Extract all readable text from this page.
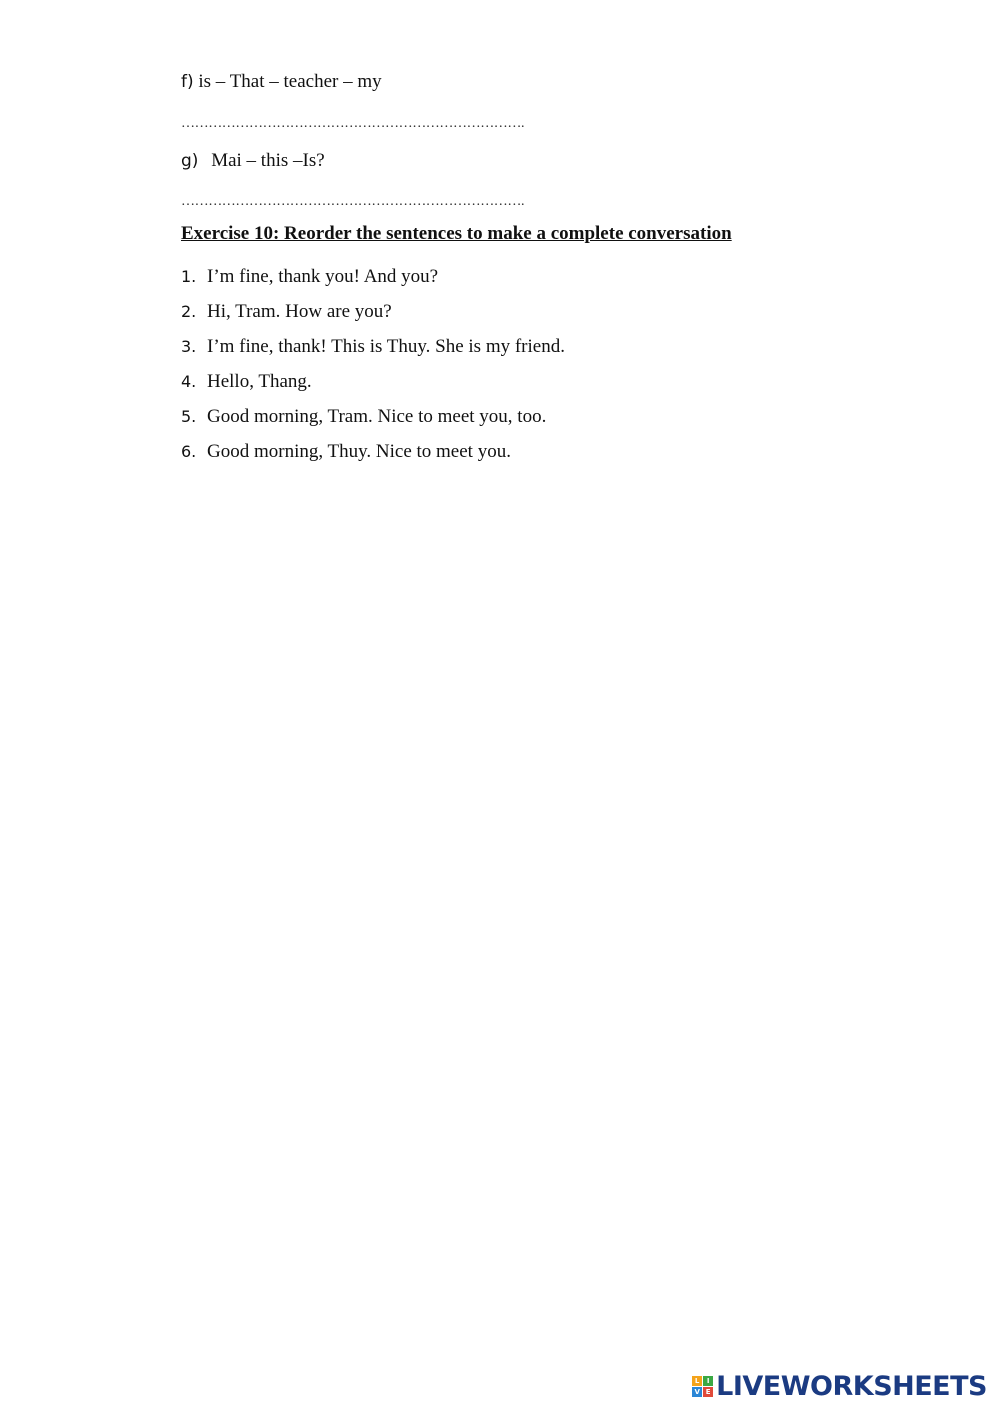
f) is – That – teacher – my
………………………………………………………………….
g) Mai – this –Is?
………………………………………………………………….
Exercise 10: Reorder the sentences to make a complete conversation
1. I’m fine, thank you! And you?
2. Hi, Tram. How are you?
3. I’m fine, thank! This is Thuy. She is my friend.
4. Hello, Thang.
5. Good morning, Tram. Nice to meet you, too.
6. Good morning, Thuy. Nice to meet you.
L	I
V E LIVEWORKSHEETS
